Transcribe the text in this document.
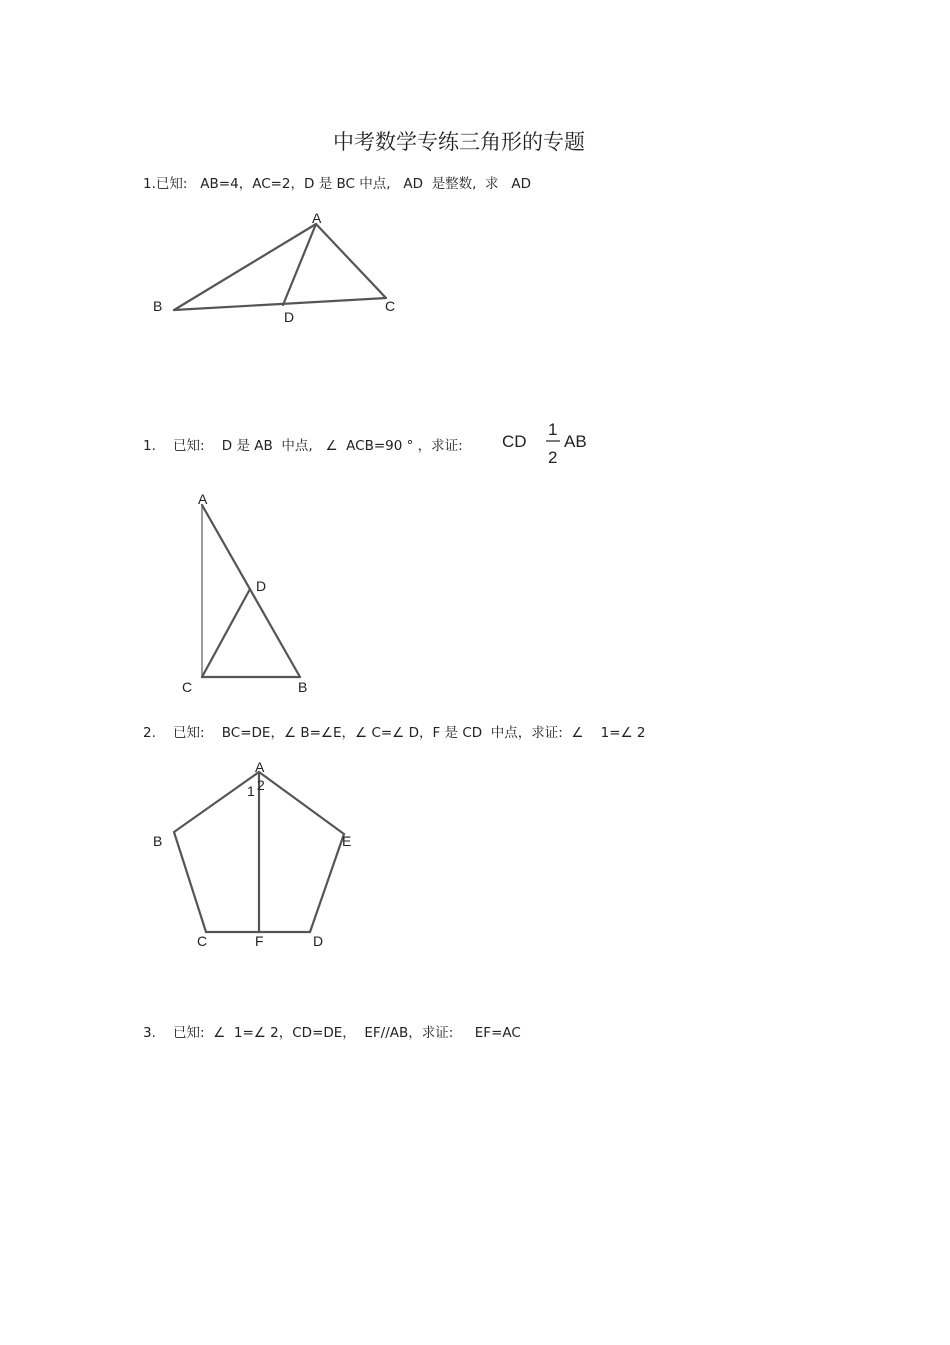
中考数学专练三角形的专题
1.已知:   AB=4，AC=2，D 是 BC 中点,   AD  是整数,  求   AD
A
B	C
D
CD
1
2
AB
A
D
C	B
A
1 2
B	E
C	F	D
1.    已知:    D 是 AB  中点,   ∠  ACB=90 ° ，求证:
2.    已知:    BC=DE，∠ B=∠E，∠ C=∠ D，F 是 CD  中点，求证:  ∠    1=∠ 2
3.    已知:  ∠  1=∠ 2，CD=DE，  EF//AB，求证:     EF=AC
